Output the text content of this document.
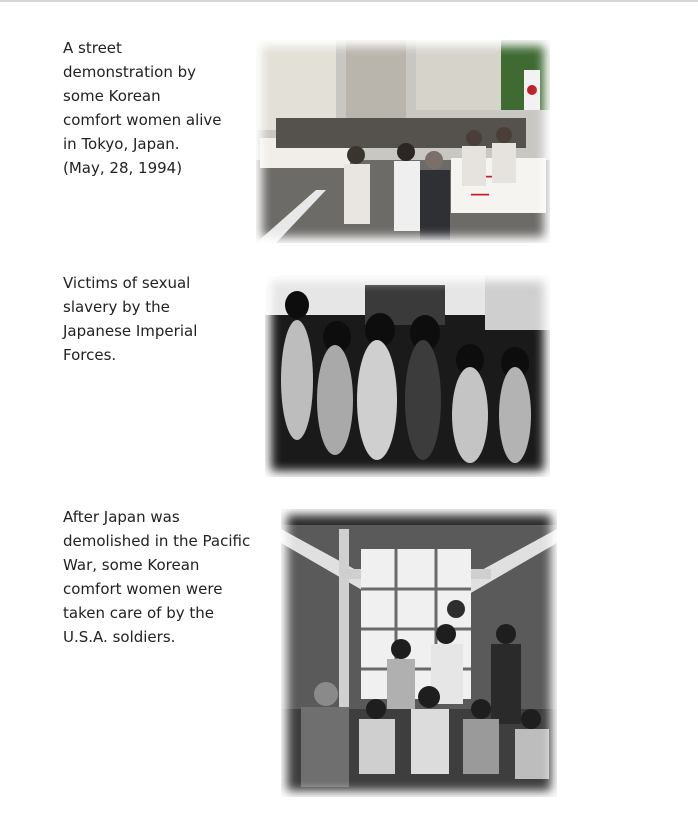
A street
demonstration by
some Korean
comfort women alive
in Tokyo, Japan.
(May, 28, 1994)

━━━

Victims of sexual
slavery by the
Japanese Imperial
Forces.

After Japan was
demolished in the Pacific
War, some Korean
comfort women were
taken care of by the
U.S.A. soldiers.
